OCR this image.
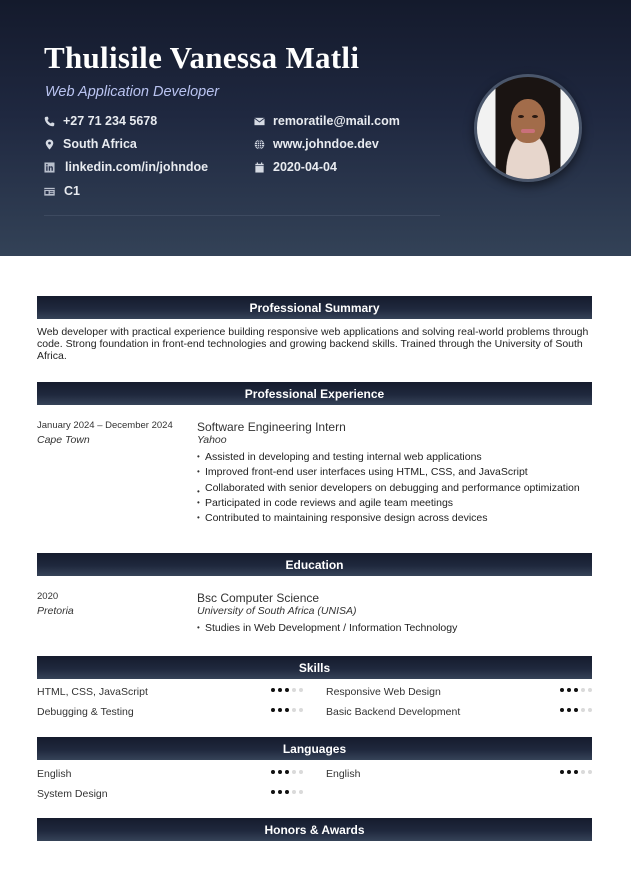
Thulisile Vanessa Matli
Web Application Developer
+27 71 234 5678	remoratile@mail.com
South Africa	www.johndoe.dev
linkedin.com/in/johndoe	2020-04-04
C1
Professional Summary
Web developer with practical experience building responsive web applications and solving real-world problems through code. Strong foundation in front-end technologies and growing backend skills. Trained through the University of South Africa.
Professional Experience
January 2024 – December 2024
Cape Town
Software Engineering Intern
Yahoo
• Assisted in developing and testing internal web applications
• Improved front-end user interfaces using HTML, CSS, and JavaScript
• Collaborated with senior developers on debugging and performance optimization
• Participated in code reviews and agile team meetings
• Contributed to maintaining responsive design across devices
Education
2020
Pretoria
Bsc Computer Science
University of South Africa (UNISA)
• Studies in Web Development / Information Technology
Skills
HTML, CSS, JavaScript	Responsive Web Design
Debugging & Testing	Basic Backend Development
Languages
English	English
System Design
Honors & Awards
